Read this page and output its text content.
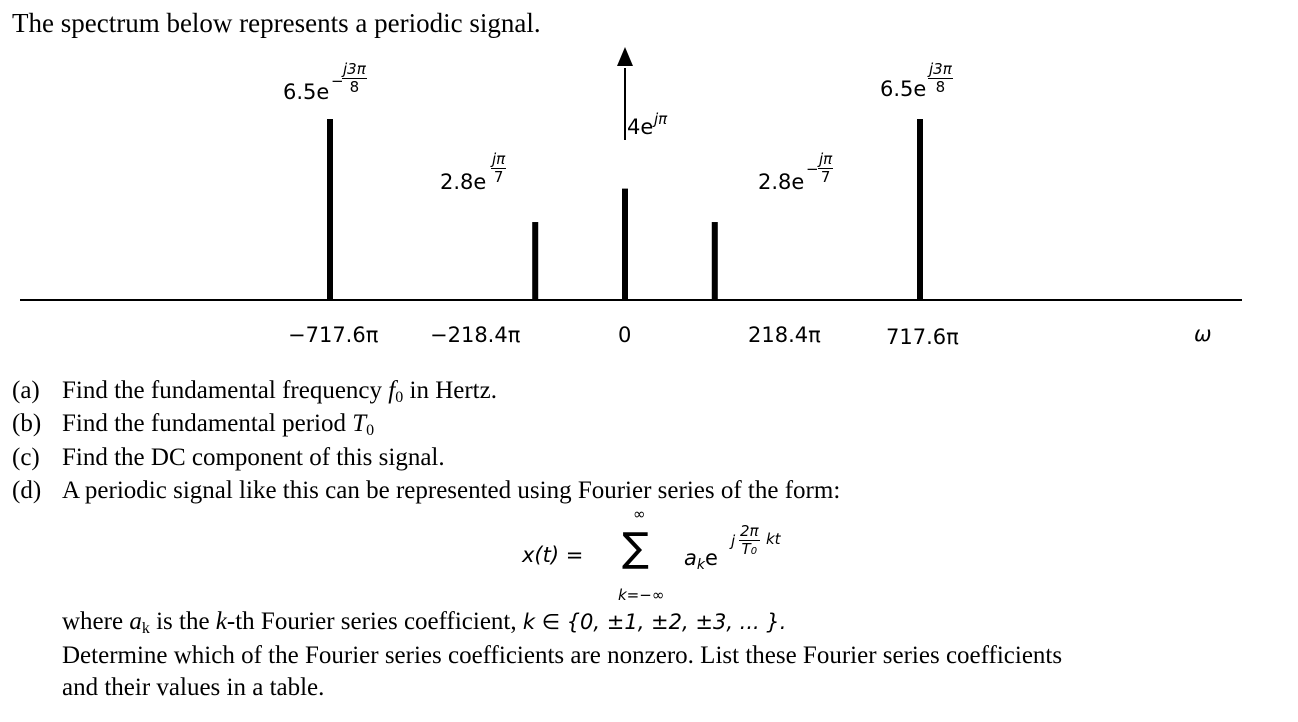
The spectrum below represents a periodic signal.
−717.6π −218.4π	0	218.4π	717.6π	ω
6.5e −
$\frac{j3\pi}{8}$
$2.8e \frac{j\pi}{7}$
4e jπ
2.8e
− $\frac{j\pi}{7}$
$6.5e \frac{j3\pi}{8}$
(a) Find the fundamental frequency $f_0$ in Hertz.
(b) Find the fundamental period $T_0$
(c) Find the DC component of this signal.
(d) A periodic signal like this can be represented using Fourier series of the form:
x(t) =
∞
∑
k=−∞
ake
j $\frac{2\pi}{T0}$ kt
where $a_k$ is the k-th Fourier series coefficient, k ∈ {0, ±1, ±2, ±3, ... }.
Determine which of the Fourier series coefficients are nonzero. List these Fourier series coefficients
and their values in a table.
